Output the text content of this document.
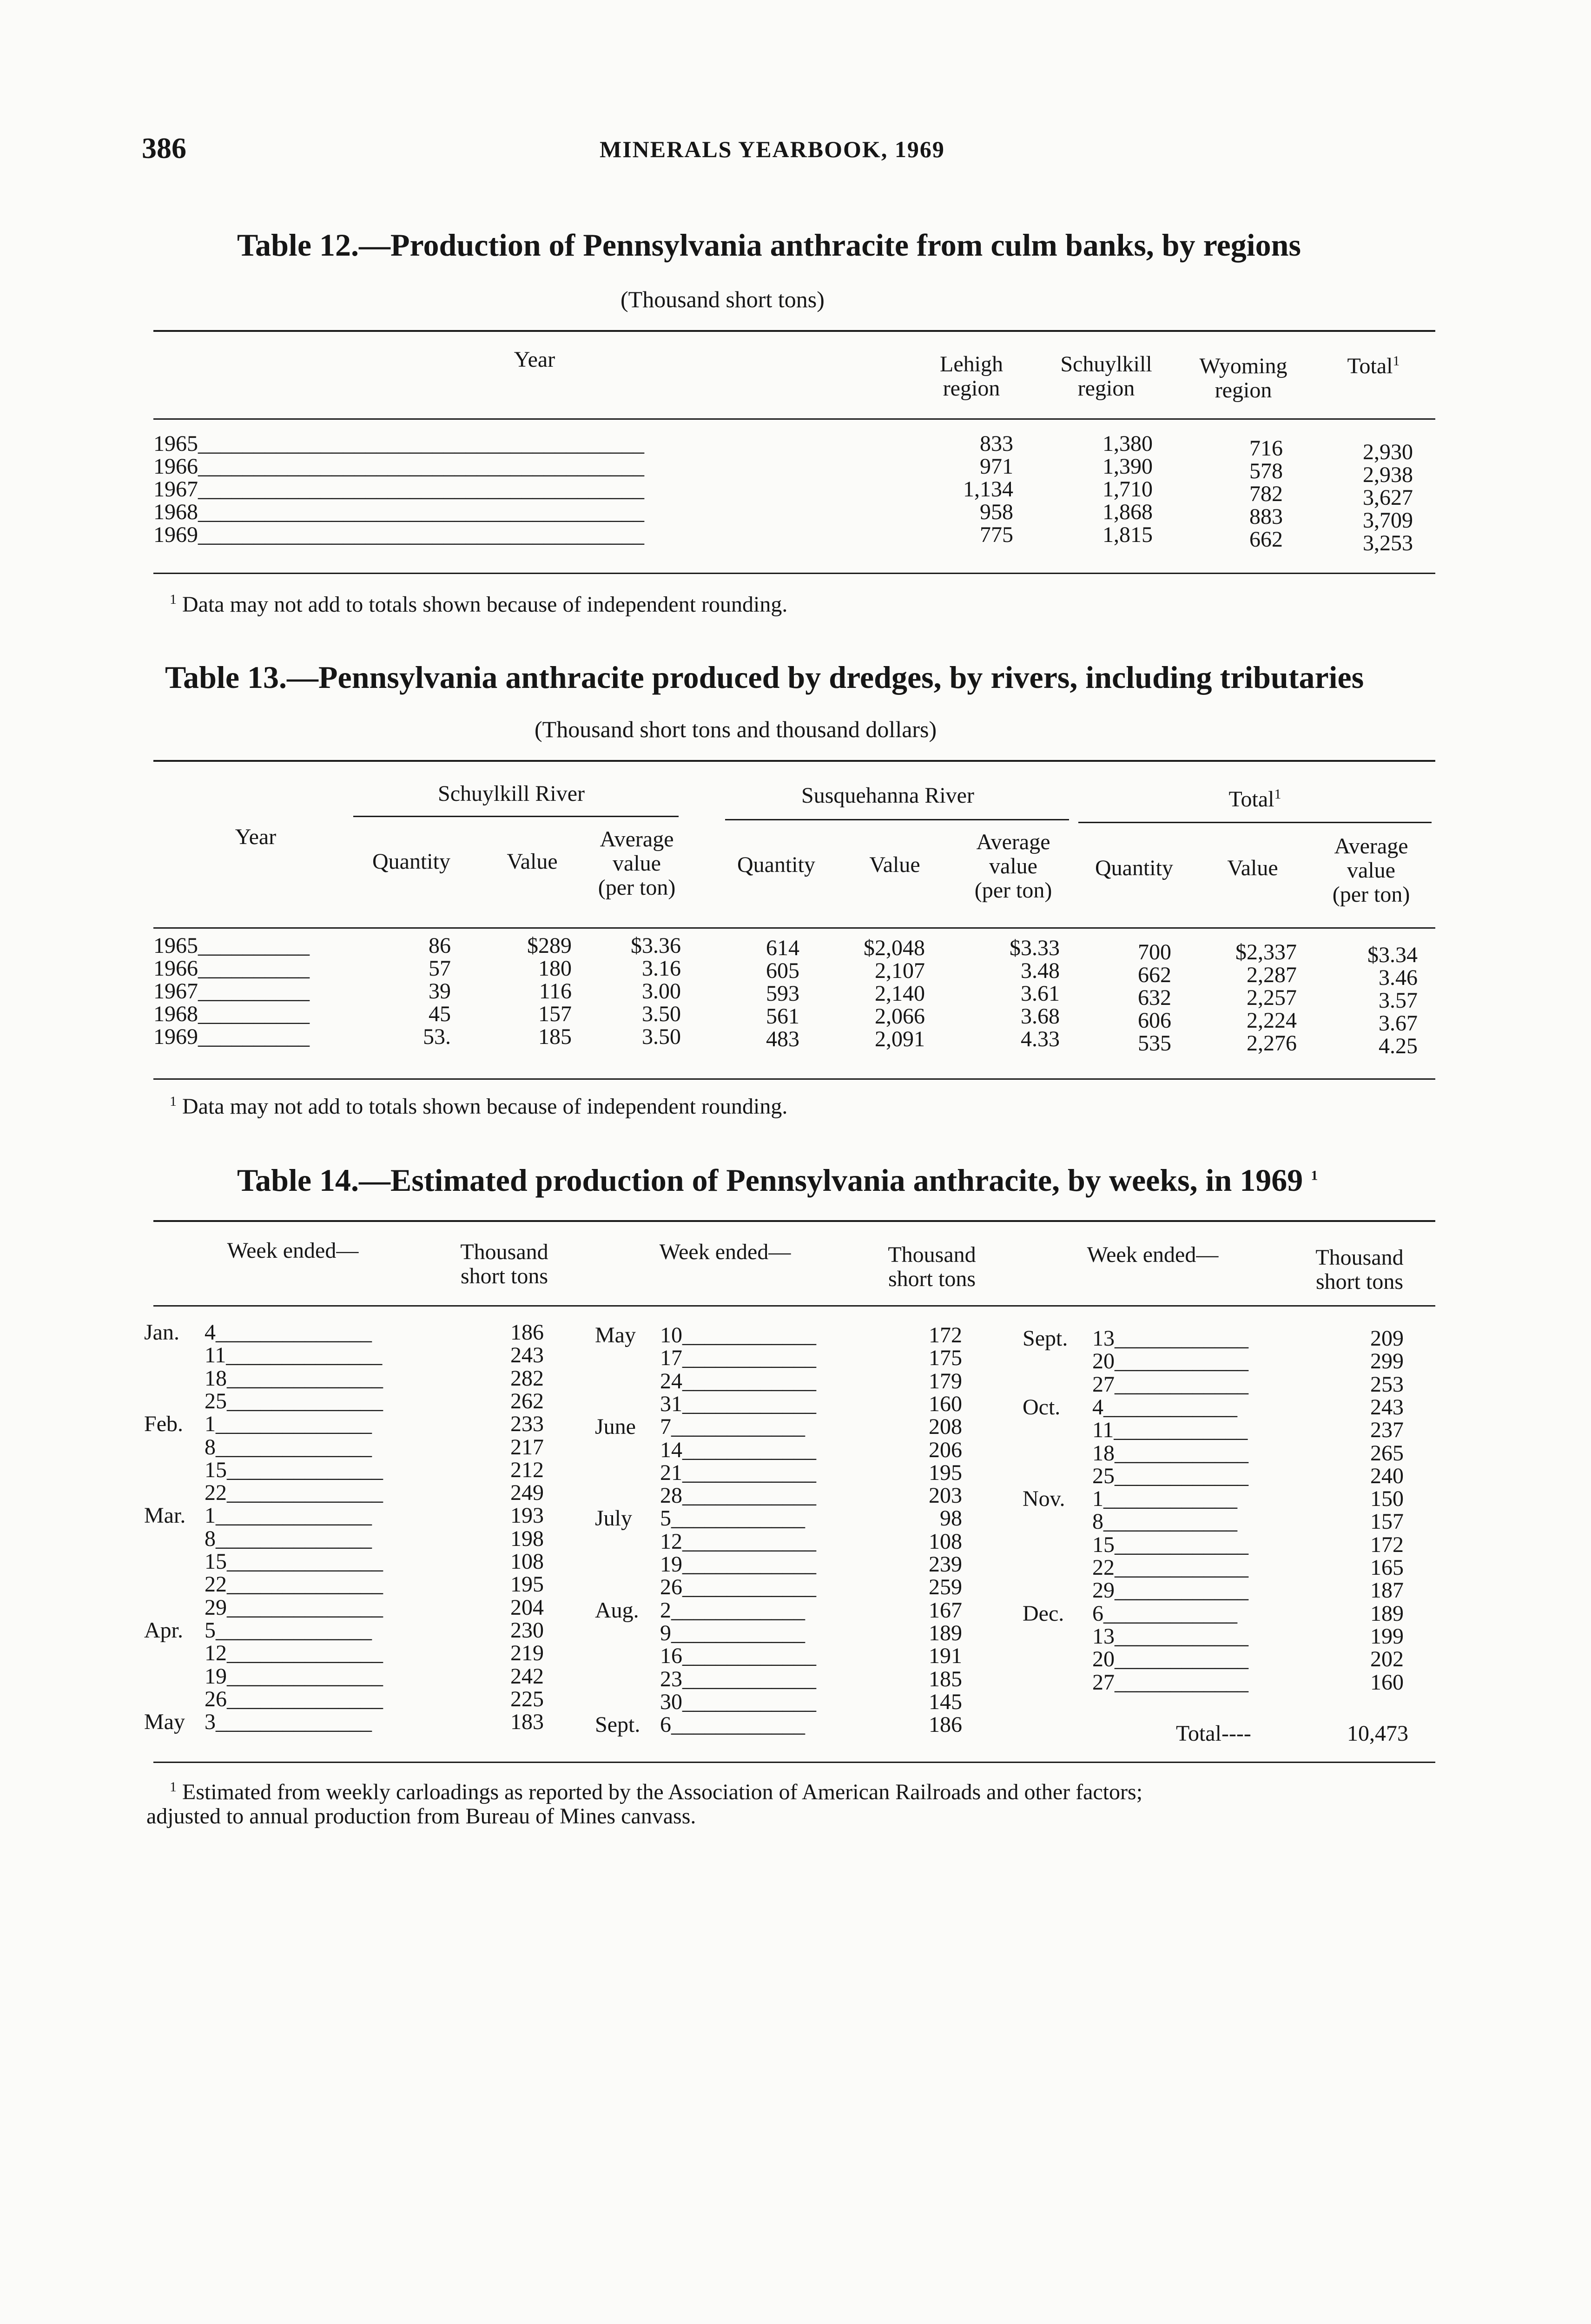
386	MINERALS YEARBOOK, 1969
Table 12.—Production of Pennsylvania anthracite from culm banks, by regions
(Thousand short tons)
Year	Lehigh
region
Schuylkill
region
Wyoming
region
Total$^1$
1965________________________________________	833	1,380	716	2,930
1966________________________________________	971	1,390	578	2,938
1967________________________________________	1,134	1,710	782	3,627
1968________________________________________	958	1,868	883	3,709
1969________________________________________	775	1,815	662	3,253
$^1$ Data may not add to totals shown because of independent rounding.
Table 13.—Pennsylvania anthracite produced by dredges, by rivers, including tributaries
(Thousand short tons and thousand dollars)
Schuylkill River	Susquehanna River	Total$^1$
Year
Quantity	Value
Average
value
(per ton)
Quantity	Value
Average
value
(per ton)
Quantity	Value
Average
value
(per ton)
1965__________	86	$289	$3.36	614	$2,048	$3.33	700	$2,337	$3.34
1966__________	57	180	3.16	605	2,107	3.48	662	2,287	3.46
1967__________	39	116	3.00	593	2,140	3.61	632	2,257	3.57
1968__________	45	157	3.50	561	2,066	3.68	606	2,224	3.67
1969__________	53.	185	3.50	483	2,091	4.33	535	2,276	4.25
$^1$ Data may not add to totals shown because of independent rounding.
Table 14.—Estimated production of Pennsylvania anthracite, by weeks, in 1969 $^1$
Week ended—	Thousand
short tons
Week ended—	Thousand
short tons
Week ended—	Thousand
short tons
Jan. 4______________	186
11______________	243
18______________	282
25______________	262
Feb. 1______________	233
8______________	217
15______________	212
22______________	249
Mar. 1______________	193
8______________	198
15______________	108
22______________	195
29______________	204
Apr. 5______________	230
12______________	219
19______________	242
26______________	225
May 3______________	183
May 10____________	172
17____________	175
24____________	179
31____________	160
June 7____________	208
14____________	206
21____________	195
28____________	203
July 5____________	98
12____________	108
19____________	239
26____________	259
Aug. 2____________	167
9____________	189
16____________	191
23____________	185
30____________	145
Sept. 6____________	186
Sept. 13____________	209
20____________	299
27____________	253
Oct. 4____________	243
11____________	237
18____________	265
25____________	240
Nov. 1____________	150
8____________	157
15____________	172
22____________	165
29____________	187
Dec. 6____________	189
13____________	199
20____________	202
27____________	160
Total----	10,473
$^1$ Estimated from weekly carloadings as reported by the Association of American Railroads and other factors;
adjusted to annual production from Bureau of Mines canvass.
